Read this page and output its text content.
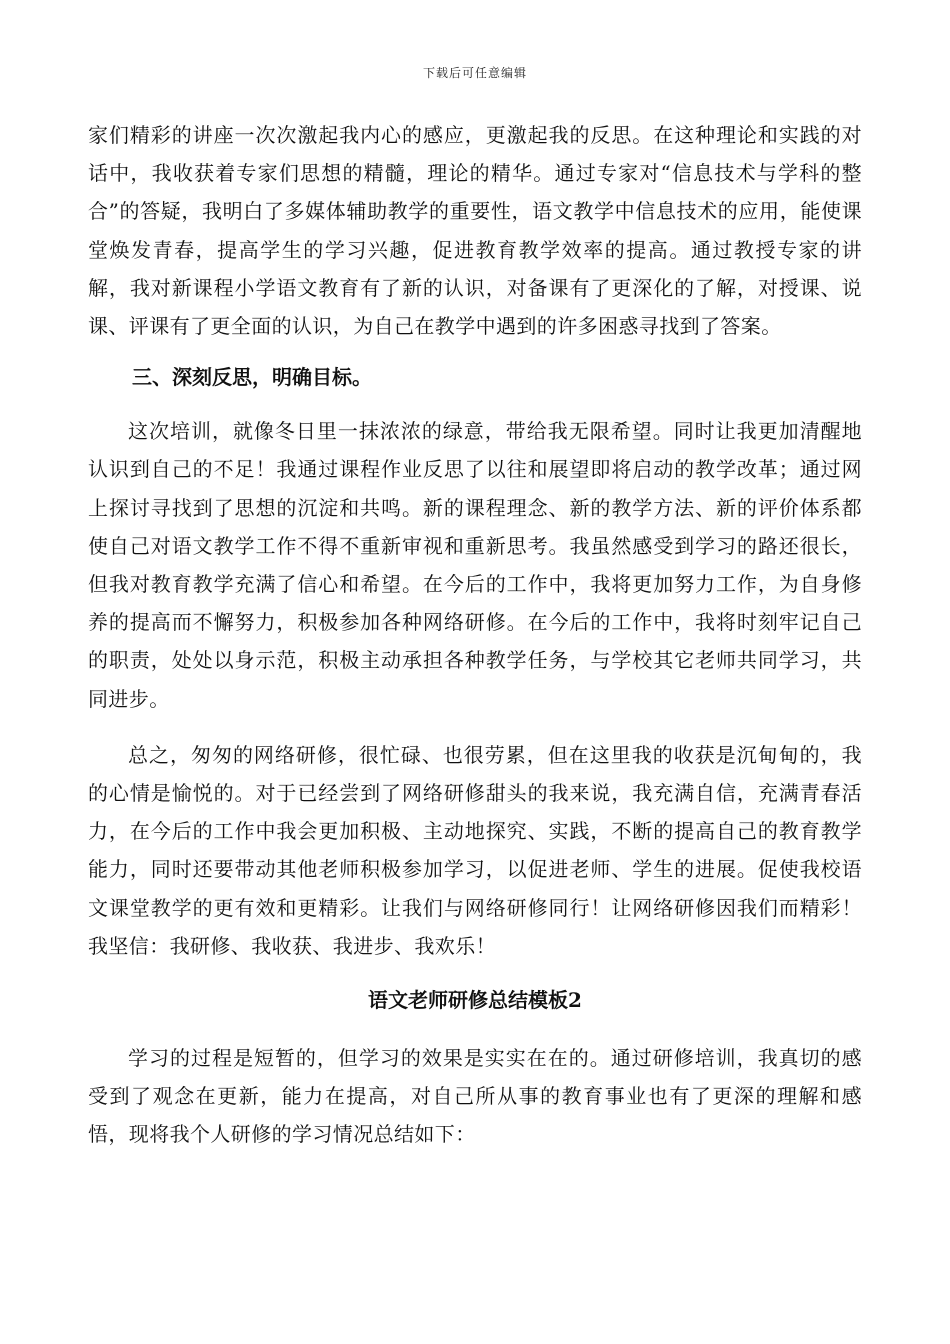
下载后可任意编辑

家们精彩的讲座一次次激起我内心的感应，更激起我的反思。在这种理论和实践的对话中，我收获着专家们思想的精髓，理论的精华。通过专家对“信息技术与学科的整合”的答疑，我明白了多媒体辅助教学的重要性，语文教学中信息技术的应用，能使课堂焕发青春，提高学生的学习兴趣，促进教育教学效率的提高。通过教授专家的讲解，我对新课程小学语文教育有了新的认识，对备课有了更深化的了解，对授课、说课、评课有了更全面的认识，为自己在教学中遇到的许多困惑寻找到了答案。

三、深刻反思，明确目标。

这次培训，就像冬日里一抹浓浓的绿意，带给我无限希望。同时让我更加清醒地认识到自己的不足！我通过课程作业反思了以往和展望即将启动的教学改革；通过网上探讨寻找到了思想的沉淀和共鸣。新的课程理念、新的教学方法、新的评价体系都使自己对语文教学工作不得不重新审视和重新思考。我虽然感受到学习的路还很长，但我对教育教学充满了信心和希望。在今后的工作中，我将更加努力工作，为自身修养的提高而不懈努力，积极参加各种网络研修。在今后的工作中，我将时刻牢记自己的职责，处处以身示范，积极主动承担各种教学任务，与学校其它老师共同学习，共同进步。

总之，匆匆的网络研修，很忙碌、也很劳累，但在这里我的收获是沉甸甸的，我的心情是愉悦的。对于已经尝到了网络研修甜头的我来说，我充满自信，充满青春活力，在今后的工作中我会更加积极、主动地探究、实践，不断的提高自己的教育教学能力，同时还要带动其他老师积极参加学习，以促进老师、学生的进展。促使我校语文课堂教学的更有效和更精彩。让我们与网络研修同行！让网络研修因我们而精彩！我坚信：我研修、我收获、我进步、我欢乐！

语文老师研修总结模板2

学习的过程是短暂的，但学习的效果是实实在在的。通过研修培训，我真切的感受到了观念在更新，能力在提高，对自己所从事的教育事业也有了更深的理解和感悟，现将我个人研修的学习情况总结如下：
